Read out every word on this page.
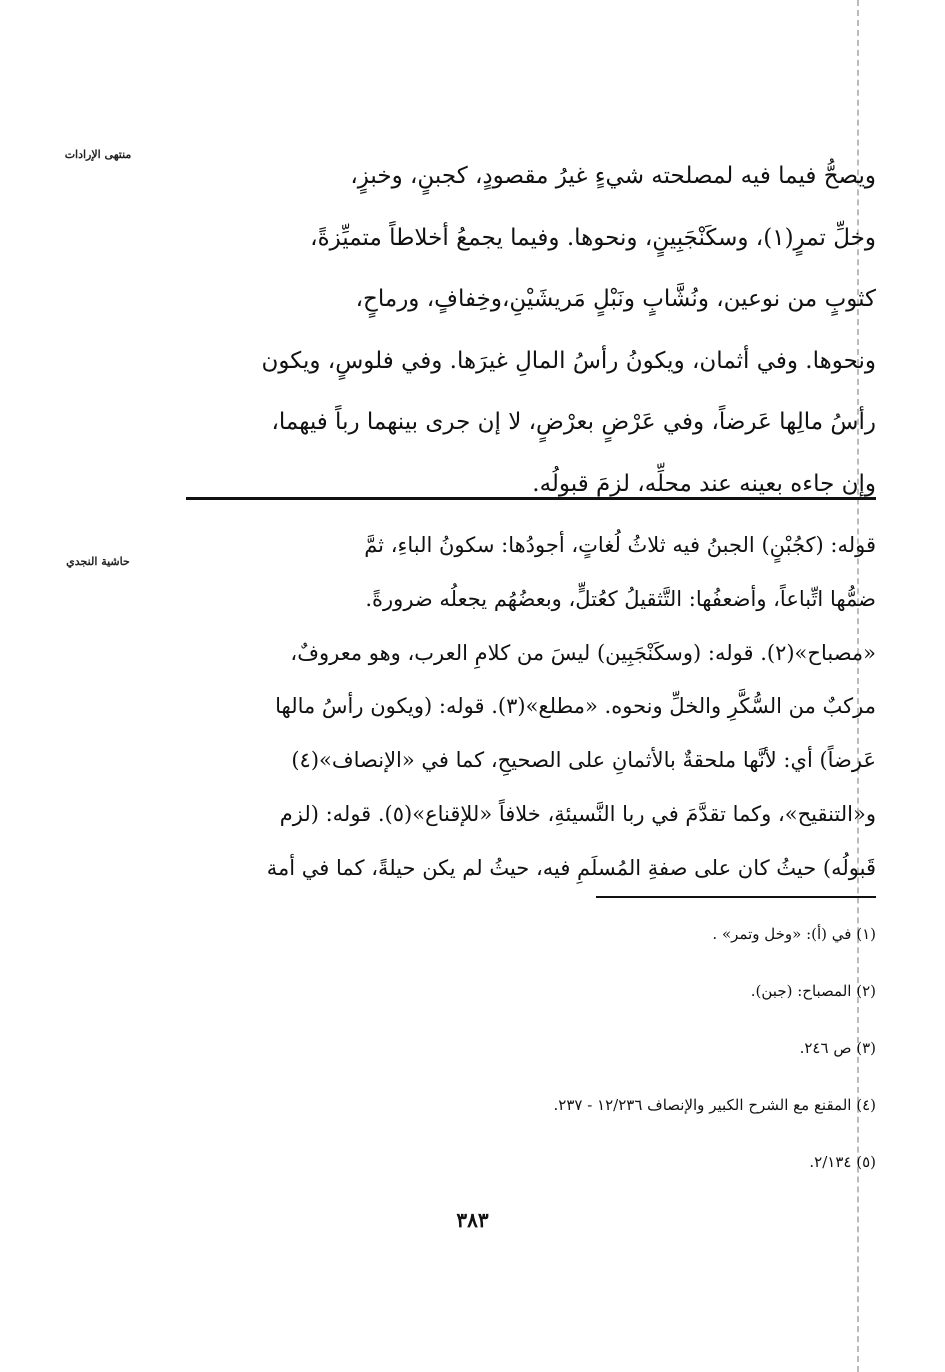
منتهى الإرادات
حاشية النجدي

ويصحُّ فيما فيه لمصلحته شيءٍ غيرُ مقصودٍ، كجبنٍ، وخبزٍ،

وخلِّ تمرٍ(١)، وسكَنْجَبِينٍ، ونحوها. وفيما يجمعُ أخلاطاً متميِّزةً،

كثوبٍ من نوعين، ونُشَّابٍ ونَبْلٍ مَريشَيْنِ،وخِفافٍ، ورماحٍ،

ونحوها. وفي أثمان، ويكونُ رأسُ المالِ غيرَها. وفي فلوسٍ، ويكون

رأسُ مالِها عَرضاً، وفي عَرْضٍ بعرْضٍ، لا إن جرى بينهما رباً فيهما،

وإن جاءه بعينه عند محلِّه، لزمَ قبولُه.

قوله: (كجُبْنٍ) الجبنُ فيه ثلاثُ لُغاتٍ، أجودُها: سكونُ الباءِ، ثمَّ

ضمُّها اتِّباعاً، وأضعفُها: التَّثقيلُ كعُتلٍّ، وبعضُهُم يجعلُه ضرورةً.

«مصباح»(٢). قوله: (وسكَنْجَبِين) ليسَ من كلامِ العرب، وهو معروفٌ،

مركبٌ من السُّكَّرِ والخلِّ ونحوه. «مطلع»(٣). قوله: (ويكون رأسُ مالها

عَرضاً) أي: لأنَّها ملحقةٌ بالأثمانِ على الصحيحِ، كما في «الإنصاف»(٤)

و«التنقيح»، وكما تقدَّمَ في ربا النَّسيئةِ، خلافاً «للإقناع»(٥). قوله: (لزم

قَبولُه) حيثُ كان على صفةِ المُسلَمِ فيه، حيثُ لم يكن حيلةً، كما في أمة

(١) في (أ): «وخل وتمر» .

(٢) المصباح: (جبن).

(٣) ص ٢٤٦.

(٤) المقنع مع الشرح الكبير والإنصاف ١٢/٢٣٦ - ٢٣٧.

(٥) ٢/١٣٤.

٣٨٣
